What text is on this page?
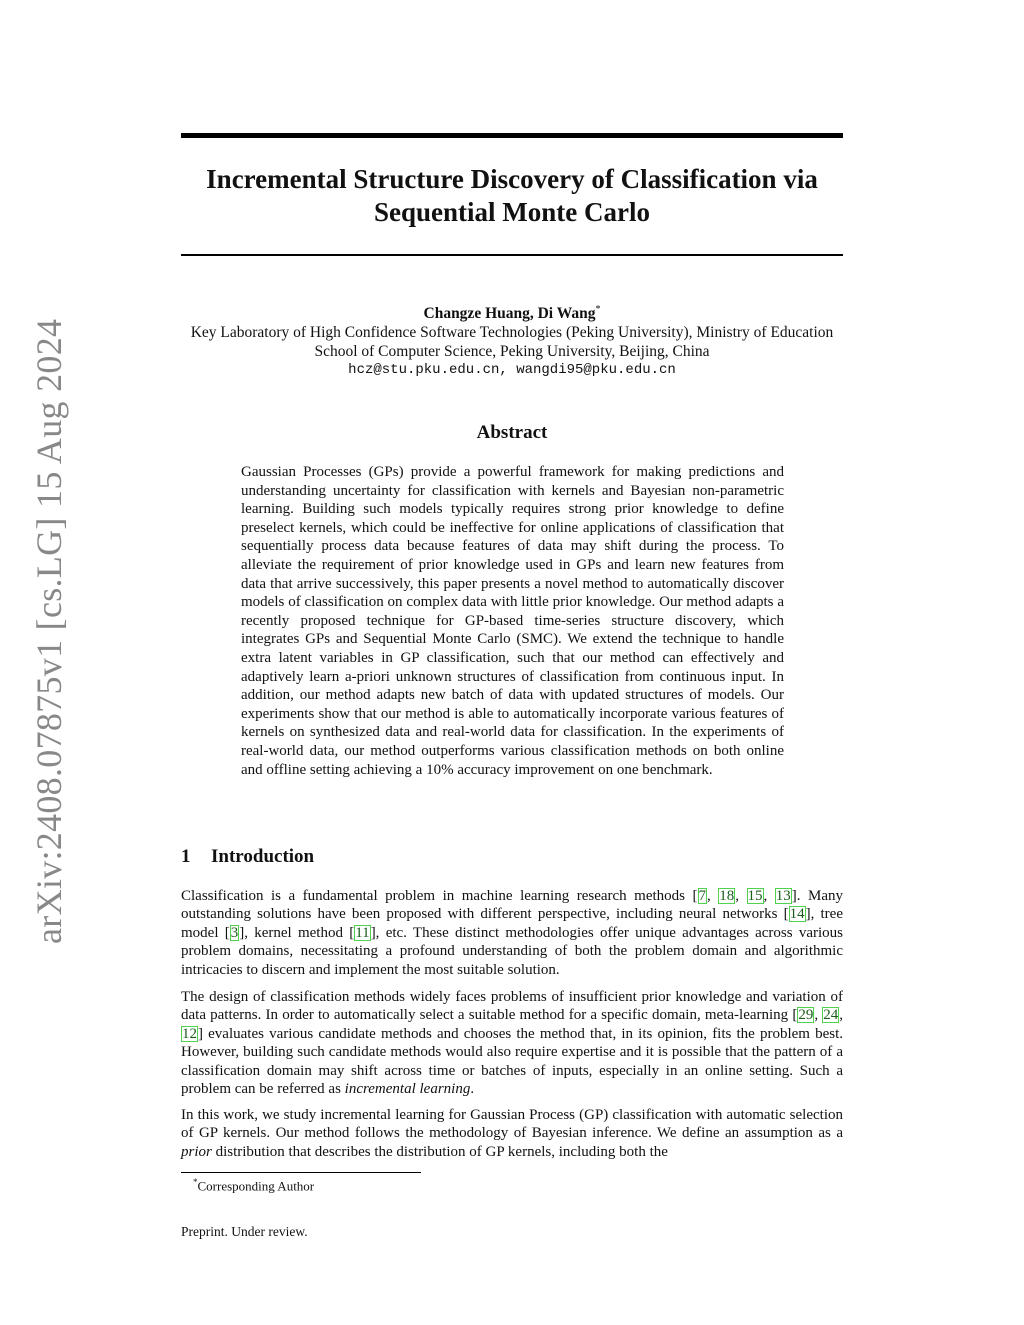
arXiv:2408.07875v1 [cs.LG] 15 Aug 2024
Incremental Structure Discovery of Classification via Sequential Monte Carlo
Changze Huang, Di Wang*
Key Laboratory of High Confidence Software Technologies (Peking University), Ministry of Education
School of Computer Science, Peking University, Beijing, China
hcz@stu.pku.edu.cn, wangdi95@pku.edu.cn
Abstract
Gaussian Processes (GPs) provide a powerful framework for making predictions and understanding uncertainty for classification with kernels and Bayesian non-parametric learning. Building such models typically requires strong prior knowledge to define preselect kernels, which could be ineffective for online applications of classification that sequentially process data because features of data may shift during the process. To alleviate the requirement of prior knowledge used in GPs and learn new features from data that arrive successively, this paper presents a novel method to automatically discover models of classification on complex data with little prior knowledge. Our method adapts a recently proposed technique for GP-based time-series structure discovery, which integrates GPs and Sequential Monte Carlo (SMC). We extend the technique to handle extra latent variables in GP classification, such that our method can effectively and adaptively learn a-priori unknown structures of classification from continuous input. In addition, our method adapts new batch of data with updated structures of models. Our experiments show that our method is able to automatically incorporate various features of kernels on synthesized data and real-world data for classification. In the experiments of real-world data, our method outperforms various classification methods on both online and offline setting achieving a 10% accuracy improvement on one benchmark.
1 Introduction
Classification is a fundamental problem in machine learning research methods [7, 18, 15, 13]. Many outstanding solutions have been proposed with different perspective, including neural networks [14], tree model [3], kernel method [11], etc. These distinct methodologies offer unique advantages across various problem domains, necessitating a profound understanding of both the problem domain and algorithmic intricacies to discern and implement the most suitable solution.
The design of classification methods widely faces problems of insufficient prior knowledge and variation of data patterns. In order to automatically select a suitable method for a specific domain, meta-learning [29, 24, 12] evaluates various candidate methods and chooses the method that, in its opinion, fits the problem best. However, building such candidate methods would also require expertise and it is possible that the pattern of a classification domain may shift across time or batches of inputs, especially in an online setting. Such a problem can be referred as incremental learning.
In this work, we study incremental learning for Gaussian Process (GP) classification with automatic selection of GP kernels. Our method follows the methodology of Bayesian inference. We define an assumption as a prior distribution that describes the distribution of GP kernels, including both the
*Corresponding Author
Preprint. Under review.
